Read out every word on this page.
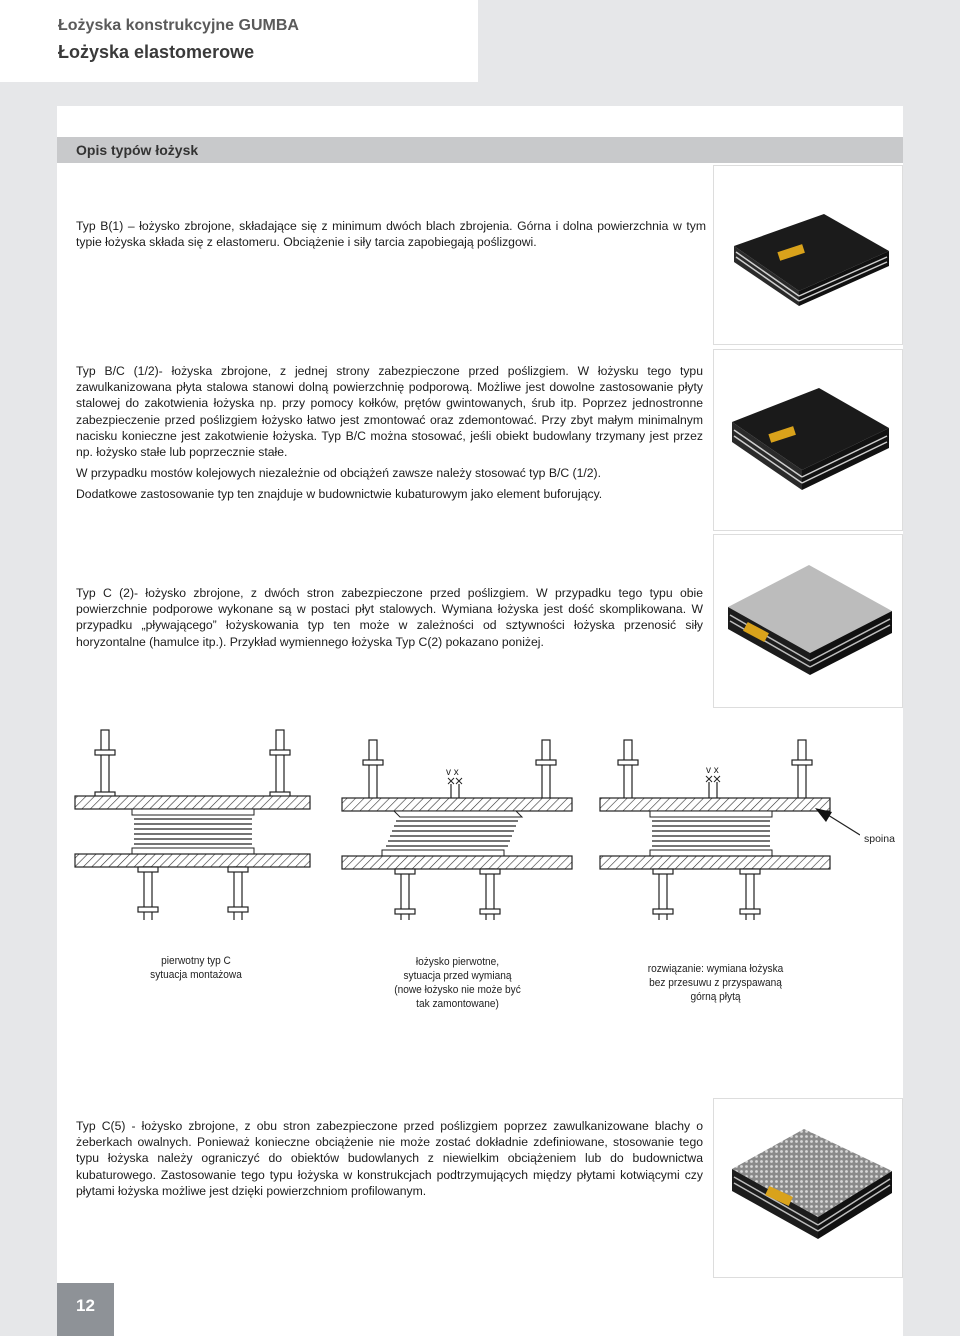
Łożyska konstrukcyjne GUMBA
Łożyska elastomerowe
Opis typów łożysk
Typ B(1) – łożysko zbrojone, składające się z minimum dwóch blach zbrojenia. Górna i dolna powierzchnia w tym typie łożyska składa się z elastomeru. Obciążenie i siły tarcia zapobiegają poślizgowi.
Typ B/C (1/2)- łożyska zbrojone, z jednej strony zabezpieczone przed poślizgiem. W łożysku tego typu zawulkanizowana płyta stalowa stanowi dolną powierzchnię podporową. Możliwe jest dowolne zastosowanie płyty stalowej do zakotwienia łożyska np. przy pomocy kołków, prętów gwintowanych, śrub itp. Poprzez jednostronne zabezpieczenie przed poślizgiem łożysko łatwo jest zmontować oraz zdemontować. Przy zbyt małym minimalnym nacisku konieczne jest zakotwienie łożyska. Typ B/C można stosować, jeśli obiekt budowlany trzymany jest przez np. łożysko stałe lub poprzecznie stałe.
W przypadku mostów kolejowych niezależnie od obciążeń zawsze należy stosować typ B/C (1/2).
Dodatkowe zastosowanie typ ten znajduje w budownictwie kubaturowym jako element buforujący.
Typ C (2)- łożysko zbrojone, z dwóch stron zabezpieczone przed poślizgiem. W przypadku tego typu obie powierzchnie podporowe wykonane są w postaci płyt stalowych. Wymiana łożyska jest dość skomplikowana. W przypadku „pływającego” łożyskowania typ ten może w zależności od sztywności łożyska przenosić siły horyzontalne (hamulce itp.). Przykład wymiennego łożyska Typ C(2) pokazano poniżej.
Typ C(5) - łożysko zbrojone, z obu stron zabezpieczone przed poślizgiem poprzez zawulkanizowane blachy o żeberkach owalnych. Ponieważ konieczne obciążenie nie może zostać dokładnie zdefiniowane, stosowanie tego typu łożyska należy ograniczyć do obiektów budowlanych z niewielkim obciążeniem lub do budownictwa kubaturowego. Zastosowanie tego typu łożyska w konstrukcjach podtrzymujących między płytami kotwiącymi czy płytami łożyska możliwe jest dzięki powierzchniom profilowanym.
v x	v x
spoina
pierwotny typ C
sytuacja montażowa
łożysko pierwotne,
sytuacja przed wymianą
(nowe łożysko nie może być
tak zamontowane)
rozwiązanie: wymiana łożyska
bez przesuwu z przyspawaną
górną płytą
12
